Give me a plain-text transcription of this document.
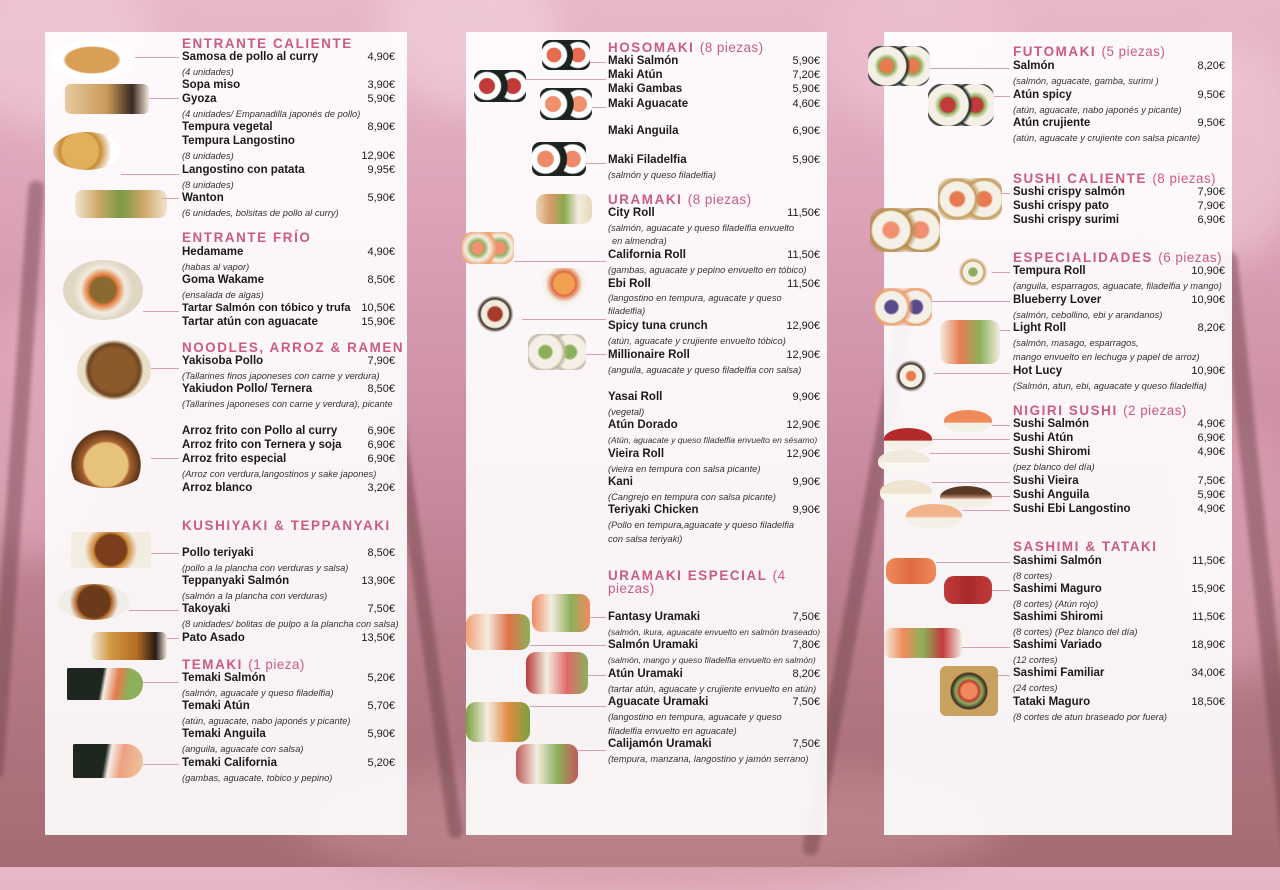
ENTRANTE CALIENTE
Samosa de pollo al curry	4,90€
(4 unidades)
Sopa miso	3,90€
Gyoza	5,90€
(4 unidades/ Empanadilla japonés de pollo)
Tempura vegetal	8,90€
Tempura Langostino
(8 unidades)	12,90€
Langostino con patata	9,95€
(8 unidades)
Wanton	5,90€
(6 unidades, bolsitas de pollo al curry)
ENTRANTE FRÍO
Hedamame	4,90€
(habas al vapor)
Goma Wakame	8,50€
(ensalada de algas)
Tartar Salmón con tóbico y trufa 10,50€
Tartar atún con aguacate	15,90€
NOODLES, ARROZ & RAMEN
Yakisoba Pollo	7,90€
(Tallarines finos japoneses con carne y verdura)
Yakiudon Pollo/ Ternera	8,50€
(Tallarines japoneses con carne y verdura), picante
Arroz frito con Pollo al curry	6,90€
Arroz frito con Ternera y soja 6,90€
Arroz frito especial	6,90€
(Arroz con verdura,langostinos y sake japones)
Arroz blanco	3,20€
KUSHIYAKI & TEPPANYAKI
Pollo teriyaki	8,50€
(pollo a la plancha con verduras y salsa)
Teppanyaki Salmón	13,90€
(salmón a la plancha con verduras)
Takoyaki	7,50€
(8 unidades/ bolitas de pulpo a la plancha con salsa)
Pato Asado	13,50€
TEMAKI (1 pieza)
Temaki Salmón	5,20€
(salmón, aguacate y queso filadelfia)
Temaki Atún	5,70€
(atún, aguacate, nabo japonés y picante)
Temaki Anguila	5,90€
(anguila, aguacate con salsa)
Temaki California	5,20€
(gambas, aguacate, tobico y pepino)
HOSOMAKI (8 piezas)
Maki Salmón	5,90€
Maki Atún	7,20€
Maki Gambas	5,90€
Maki Aguacate	4,60€
Maki Anguila	6,90€
Maki Filadelfia	5,90€
(salmón y queso filadelfia)
URAMAKI (8 piezas)
City Roll	11,50€
(salmón, aguacate y queso filadelfia envuelto
en almendra)
California Roll	11,50€
(gambas, aguacate y pepino envuelto en tóbico)
Ebi Roll	11,50€
(langostino en tempura, aguacate y queso
filadelfia)
Spicy tuna crunch	12,90€
(atún, aguacate y crujiente envuelto tóbico)
Millionaire Roll	12,90€
(anguila, aguacate y queso filadelfia con salsa)
Yasai Roll	9,90€
(vegetal)
Atún Dorado	12,90€
(Atún, aguacate y queso filadelfia envuelto en sésamo)
Vieira Roll	12,90€
(vieira en tempura con salsa picante)
Kani	9,90€
(Cangrejo en tempura con salsa picante)
Teriyaki Chicken	9,90€
(Pollo en tempura,aguacate y queso filadelfia
con salsa teriyaki)
URAMAKI ESPECIAL (4
piezas)
Fantasy Uramaki	7,50€
(salmón, ikura, aguacate envuelto en salmón braseado)
Salmón Uramaki	7,80€
(salmón, mango y queso filadelfia envuelto en salmón)
Atún Uramaki	8,20€
(tartar atún, aguacate y crujiente envuelto en atún)
Aguacate Uramaki	7,50€
(langostino en tempura, aguacate y queso
filadelfia envuelto en aguacate)
Calijamón Uramaki	7,50€
(tempura, manzana, langostino y jamón serrano)
FUTOMAKI (5 piezas)
Salmón	8,20€
(salmón, aguacate, gamba, surimi )
Atún spicy	9,50€
(atún, aguacate, nabo japonés y picante)
Atún crujiente	9,50€
(atún, aguacate y crujiente con salsa picante)
SUSHI CALIENTE (8 piezas)
Sushi crispy salmón	7,90€
Sushi crispy pato	7,90€
Sushi crispy surimi	6,90€
ESPECIALIDADES (6 piezas)
Tempura Roll	10,90€
(anguila, esparragos, aguacate, filadelfia y mango)
Blueberry Lover	10,90€
(salmón, cebollino, ebi y arandanos)
Light Roll	8,20€
(salmón, masago, esparragos,
mango envuelto en lechuga y papel de arroz)
Hot Lucy	10,90€
(Salmón, atun, ebi, aguacate y queso filadelfia)
NIGIRI SUSHI (2 piezas)
Sushi Salmón	4,90€
Sushi Atún	6,90€
Sushi Shiromi	4,90€
(pez blanco del día)
Sushi Vieira	7,50€
Sushi Anguila	5,90€
Sushi Ebi Langostino	4,90€
SASHIMI & TATAKI
Sashimi Salmón	11,50€
(8 cortes)
Sashimi Maguro	15,90€
(8 cortes) (Atún rojo)
Sashimi Shiromi	11,50€
(8 cortes) (Pez blanco del día)
Sashimi Variado	18,90€
(12 cortes)
Sashimi Familiar	34,00€
(24 cortes)
Tataki Maguro	18,50€
(8 cortes de atun braseado por fuera)
